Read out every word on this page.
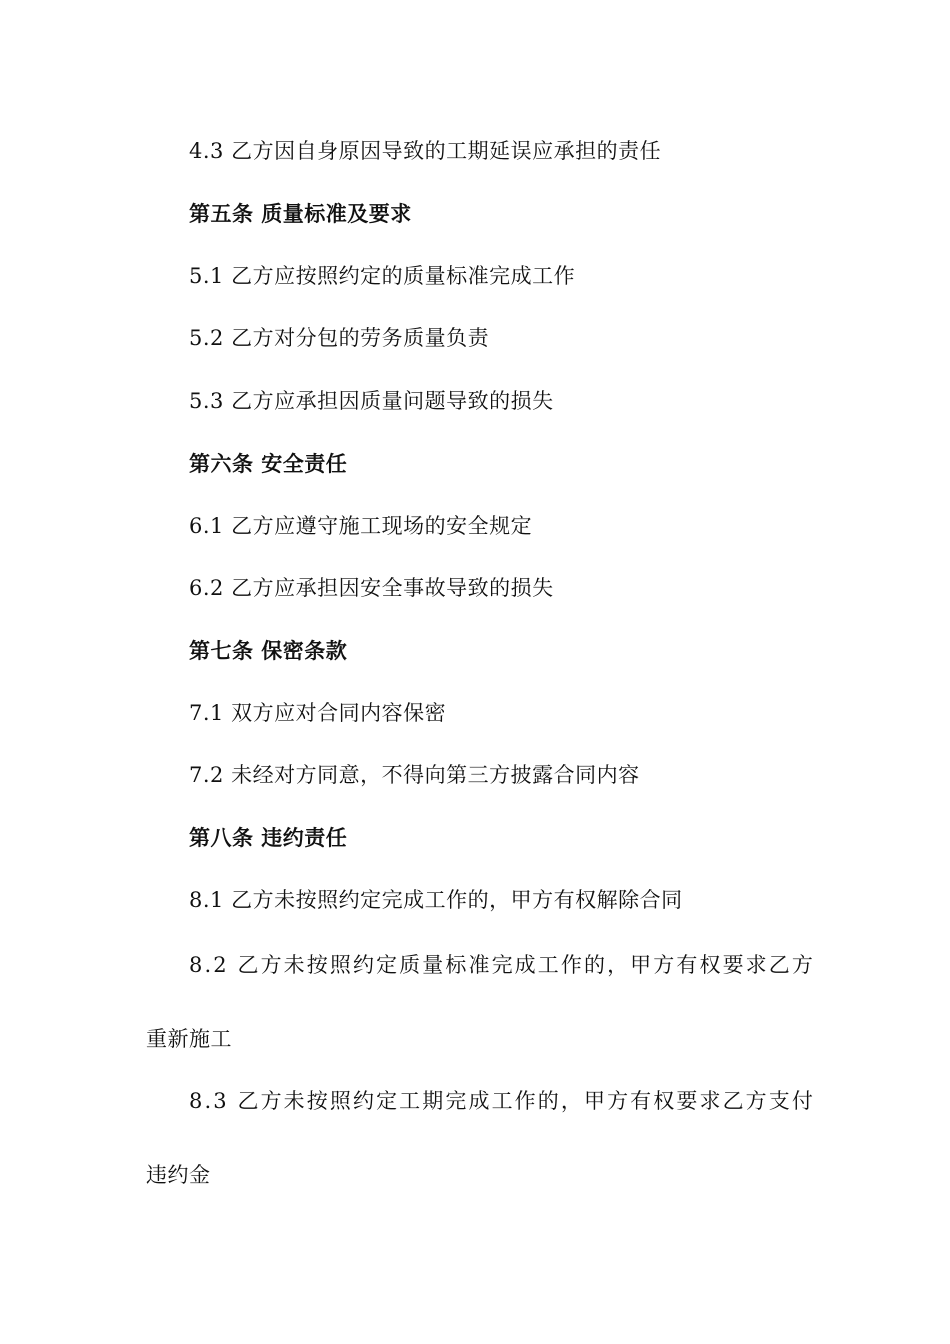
4.3 乙方因自身原因导致的工期延误应承担的责任
第五条 质量标准及要求
5.1 乙方应按照约定的质量标准完成工作
5.2 乙方对分包的劳务质量负责
5.3 乙方应承担因质量问题导致的损失
第六条 安全责任
6.1 乙方应遵守施工现场的安全规定
6.2 乙方应承担因安全事故导致的损失
第七条 保密条款
7.1 双方应对合同内容保密
7.2 未经对方同意，不得向第三方披露合同内容
第八条 违约责任
8.1 乙方未按照约定完成工作的，甲方有权解除合同
8.2 乙方未按照约定质量标准完成工作的，甲方有权要求乙方
重新施工
8.3 乙方未按照约定工期完成工作的，甲方有权要求乙方支付
违约金
